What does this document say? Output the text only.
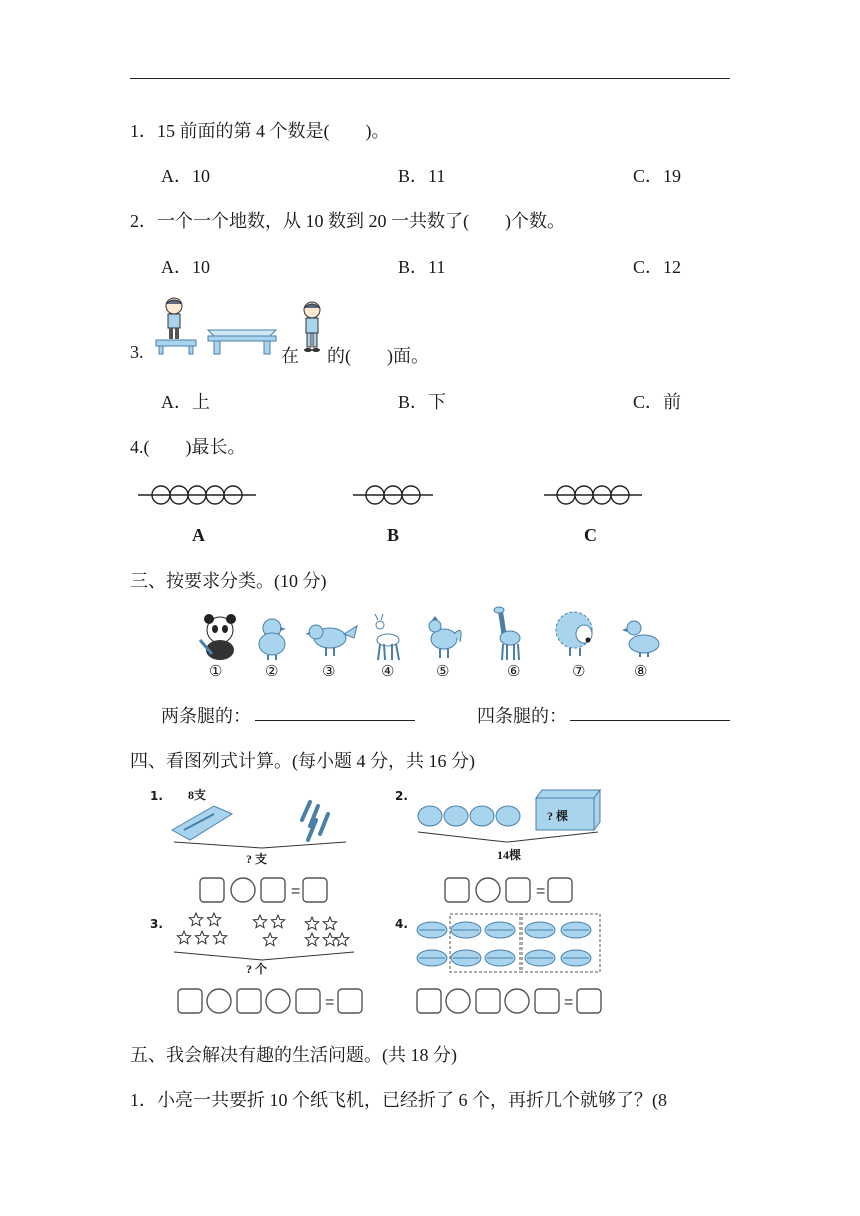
1．15 前面的第 4 个数是(　　)。
A．10	B．11	C．19
2．一个一个地数，从 10 数到 20 一共数了(　　)个数。
A．10	B．11	C．12
3.	在 的(　　)面。
A．上	B．下	C．前
4.(　　)最长。
A	B	C
三、按要求分类。(10 分)
①	②	③	④	⑤	⑥	⑦	⑧
两条腿的：	四条腿的：
四、看图列式计算。(每小题 4 分，共 16 分)
1. 8支
? 支
=
2.
? 棵
14棵
=
3.
? 个
=
4.
=
五、我会解决有趣的生活问题。(共 18 分)
1．小亮一共要折 10 个纸飞机，已经折了 6 个，再折几个就够了？(8
